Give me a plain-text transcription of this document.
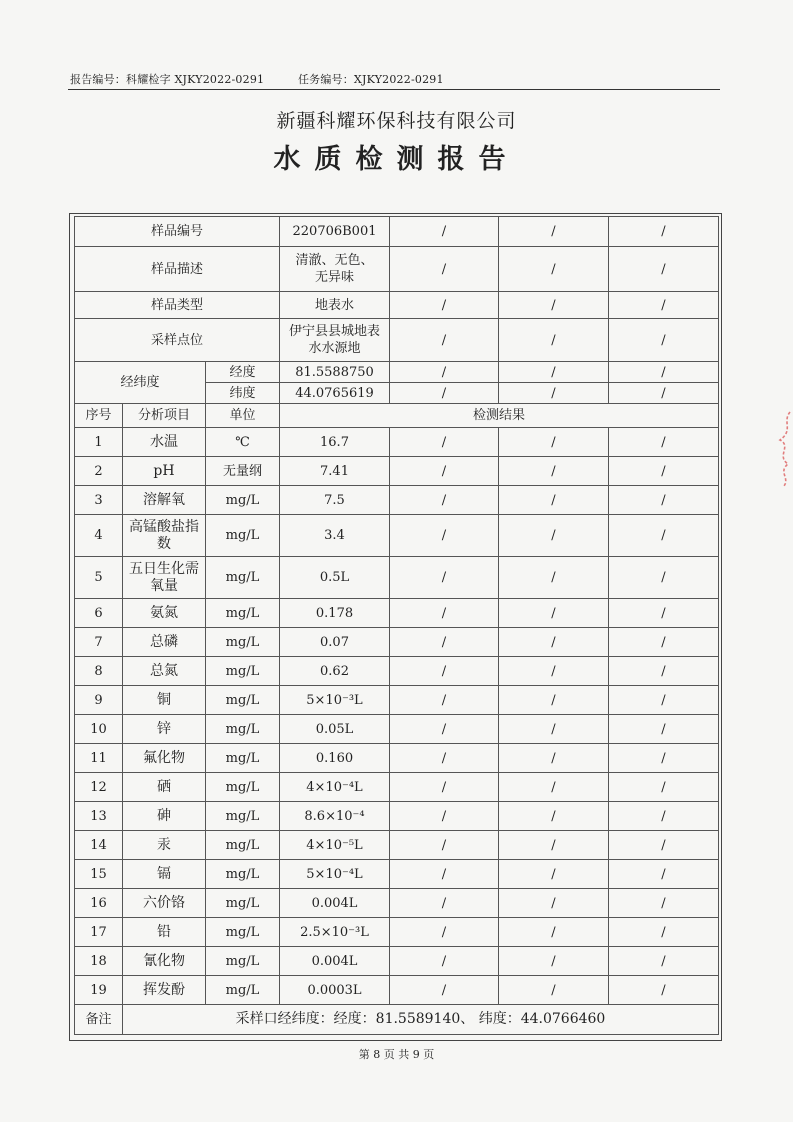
报告编号：科耀检字 XJKY2022-0291	任务编号：XJKY2022-0291
新疆科耀环保科技有限公司
水质检测报告
样品编号			220706B001	/	/	/
样品描述			清澈、无色、无异味	/	/	/
样品类型			地表水	/	/	/
采样点位			伊宁县县城地表水水源地	/	/	/
经纬度		经度	81.5588750	/	/	/
		纬度	44.0765619	/	/	/
序号	分析项目	单位	检测结果			
1	水温	℃	16.7	/	/	/
2	pH	无量纲	7.41	/	/	/
3	溶解氧	mg/L	7.5	/	/	/
4	高锰酸盐指数	mg/L	3.4	/	/	/
5	五日生化需氧量	mg/L	0.5L	/	/	/
6	氨氮	mg/L	0.178	/	/	/
7	总磷	mg/L	0.07	/	/	/
8	总氮	mg/L	0.62	/	/	/
9	铜	mg/L	5×10⁻³L	/	/	/
10	锌	mg/L	0.05L	/	/	/
11	氟化物	mg/L	0.160	/	/	/
12	硒	mg/L	4×10⁻⁴L	/	/	/
13	砷	mg/L	8.6×10⁻⁴	/	/	/
14	汞	mg/L	4×10⁻⁵L	/	/	/
15	镉	mg/L	5×10⁻⁴L	/	/	/
16	六价铬	mg/L	0.004L	/	/	/
17	铅	mg/L	2.5×10⁻³L	/	/	/
18	氰化物	mg/L	0.004L	/	/	/
19	挥发酚	mg/L	0.0003L	/	/	/
备注	采样口经纬度：经度：81.5589140、 纬度：44.0766460					
第 8 页 共 9 页
